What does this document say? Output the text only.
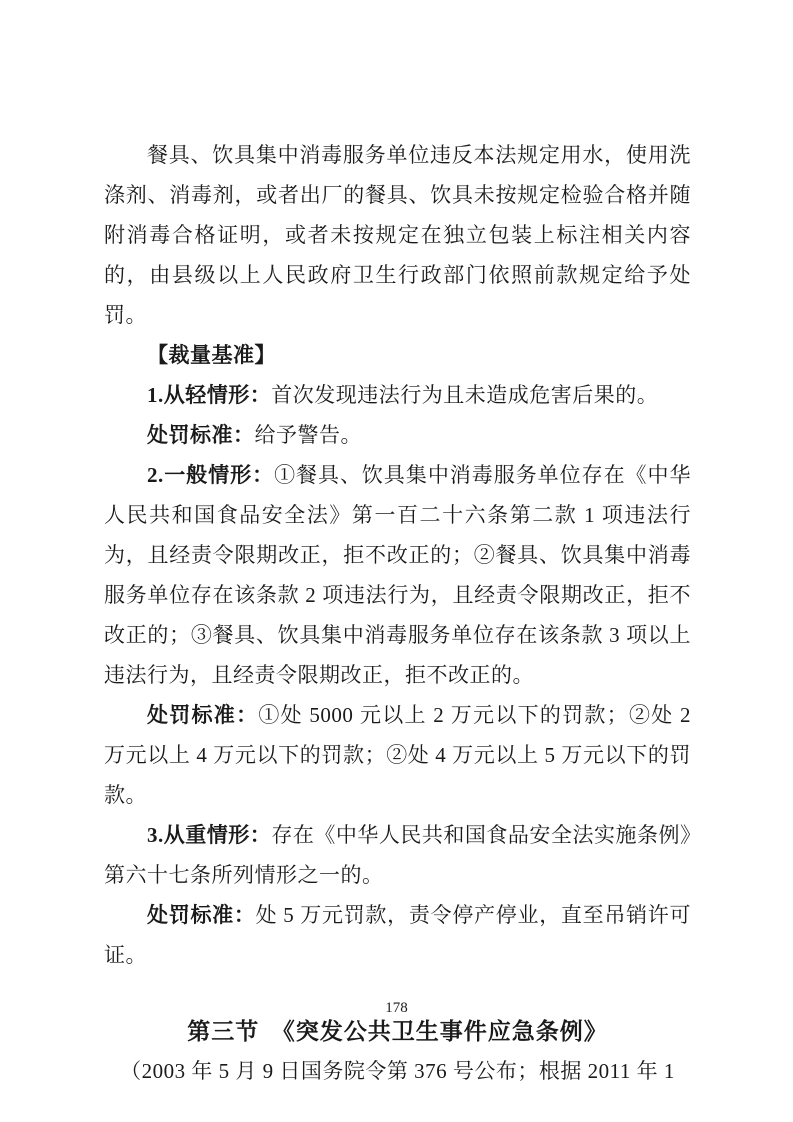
餐具、饮具集中消毒服务单位违反本法规定用水，使用洗涤剂、消毒剂，或者出厂的餐具、饮具未按规定检验合格并随附消毒合格证明，或者未按规定在独立包装上标注相关内容的，由县级以上人民政府卫生行政部门依照前款规定给予处罚。

【裁量基准】

1.从轻情形：首次发现违法行为且未造成危害后果的。

处罚标准：给予警告。

2.一般情形：①餐具、饮具集中消毒服务单位存在《中华人民共和国食品安全法》第一百二十六条第二款 1 项违法行为，且经责令限期改正，拒不改正的；②餐具、饮具集中消毒服务单位存在该条款 2 项违法行为，且经责令限期改正，拒不改正的；③餐具、饮具集中消毒服务单位存在该条款 3 项以上违法行为，且经责令限期改正，拒不改正的。

处罚标准：①处 5000 元以上 2 万元以下的罚款；②处 2 万元以上 4 万元以下的罚款；②处 4 万元以上 5 万元以下的罚款。

3.从重情形：存在《中华人民共和国食品安全法实施条例》第六十七条所列情形之一的。

处罚标准：处 5 万元罚款，责令停产停业，直至吊销许可证。

第三节　《突发公共卫生事件应急条例》

（2003 年 5 月 9 日国务院令第 376 号公布；根据 2011 年 1

178
